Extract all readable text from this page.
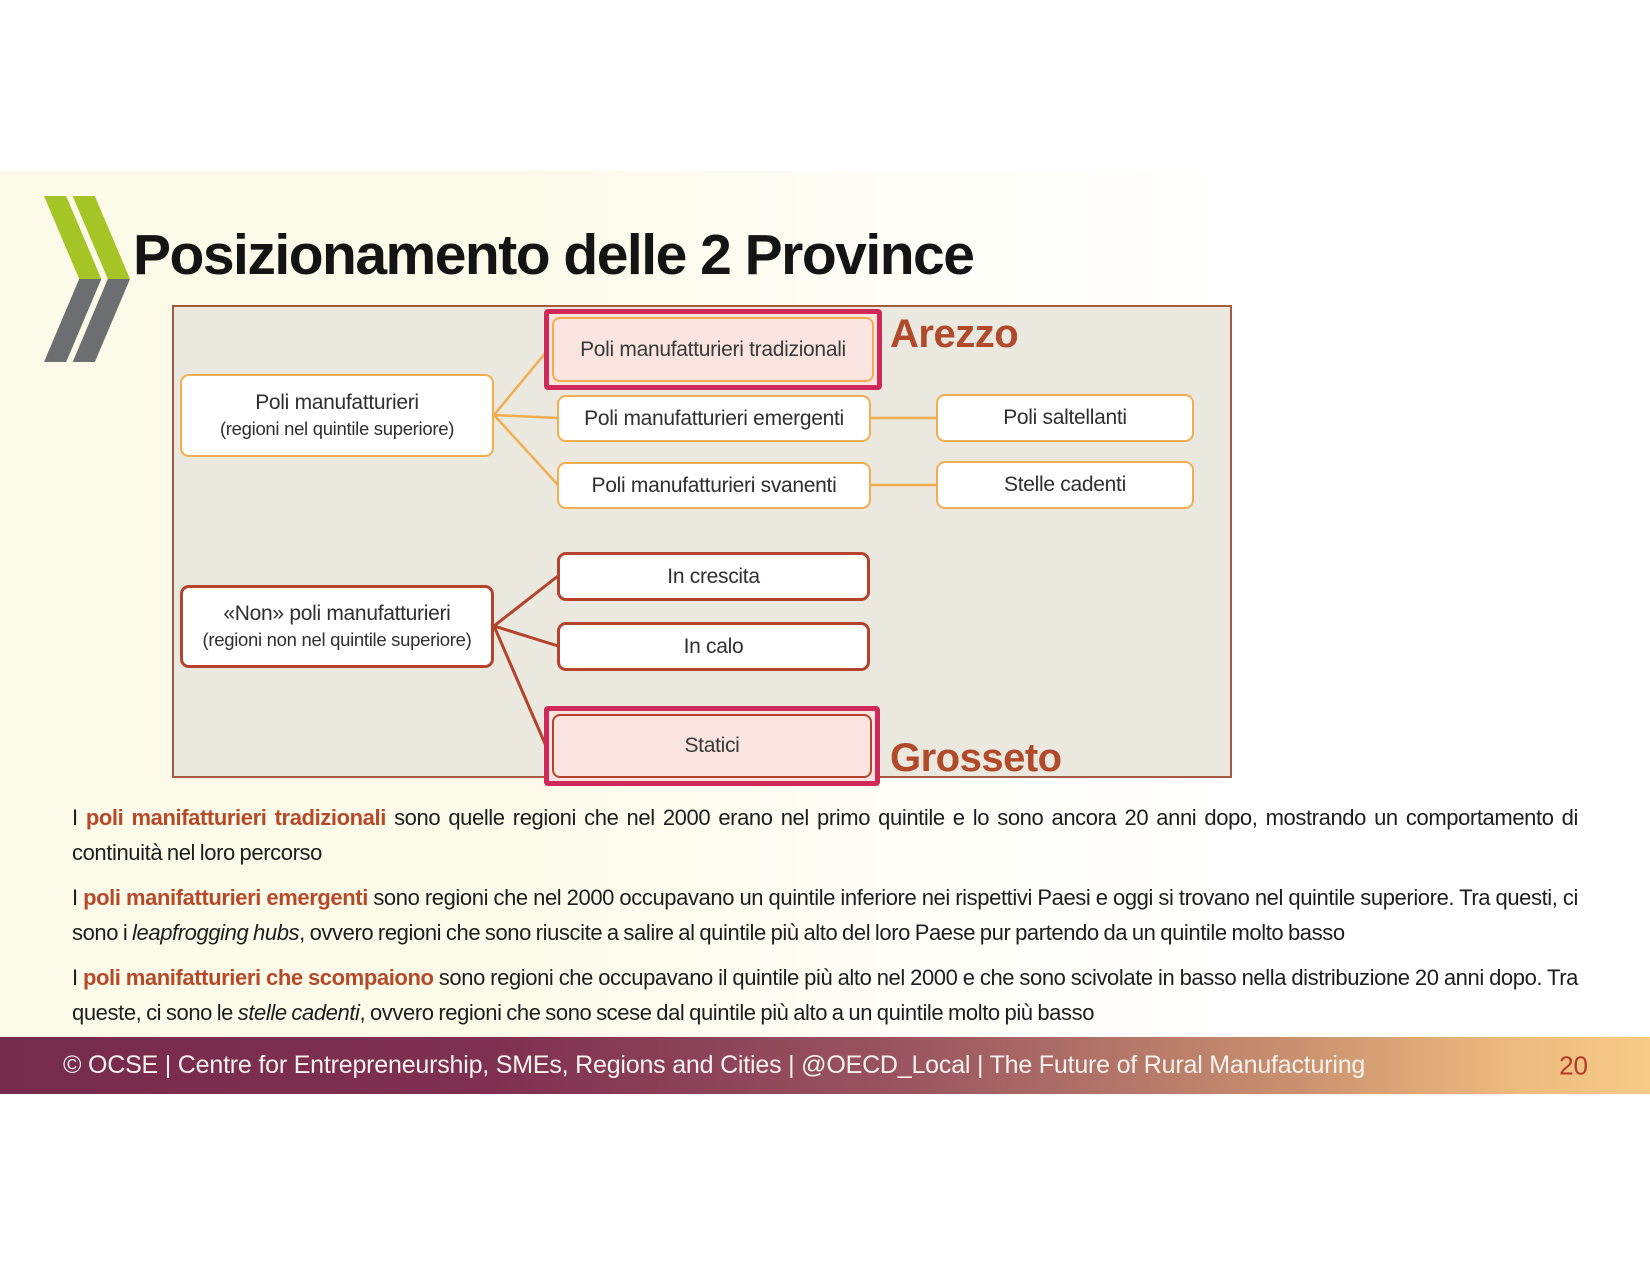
Posizionamento delle 2 Province
Poli manufatturieri
(regioni nel quintile superiore)
Poli manufatturieri tradizionali
Poli manufatturieri emergenti
Poli manufatturieri svanenti
Poli saltellanti
Stelle cadenti
Arezzo
«Non» poli manufatturieri
(regioni non nel quintile superiore)
In crescita
In calo
Statici	Grosseto

I poli manifatturieri tradizionali sono quelle regioni che nel 2000 erano nel primo quintile e lo sono ancora 20 anni dopo, mostrando un comportamento di continuità nel loro percorso

I poli manifatturieri emergenti sono regioni che nel 2000 occupavano un quintile inferiore nei rispettivi Paesi e oggi si trovano nel quintile superiore. Tra questi, ci sono i leapfrogging hubs, ovvero regioni che sono riuscite a salire al quintile più alto del loro Paese pur partendo da un quintile molto basso

I poli manifatturieri che scompaiono sono regioni che occupavano il quintile più alto nel 2000 e che sono scivolate in basso nella distribuzione 20 anni dopo. Tra queste, ci sono le stelle cadenti, ovvero regioni che sono scese dal quintile più alto a un quintile molto più basso

© OCSE | Centre for Entrepreneurship, SMEs, Regions and Cities | @OECD_Local | The Future of Rural Manufacturing	20
